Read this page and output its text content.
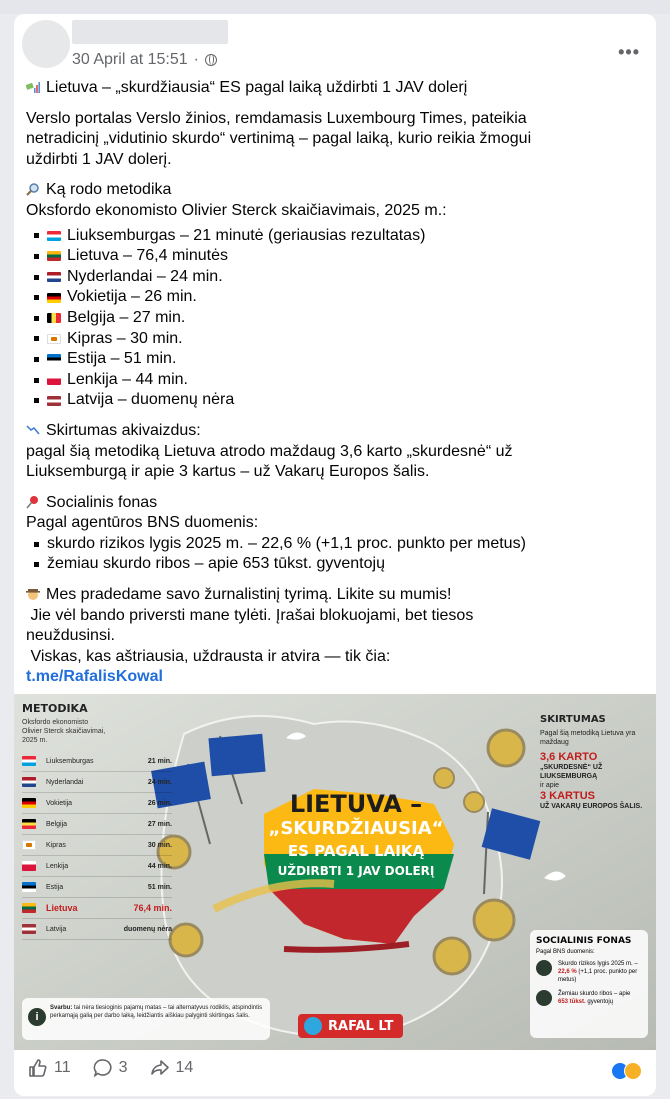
30 April at 15:51 ·	•••

Lietuva – „skurdžiausia“ ES pagal laiką uždirbti 1 JAV dolerį

Verslo portalas Verslo žinios, remdamasis Luxembourg Times, pateikia
netradicinį „vidutinio skurdo“ vertinimą – pagal laiką, kurio reikia žmogui
uždirbti 1 JAV dolerį.

Ką rodo metodika
Oksfordo ekonomisto Olivier Sterck skaičiavimais, 2025 m.:
Liuksemburgas – 21 minutė (geriausias rezultatas)
Lietuva – 76,4 minutės
Nyderlandai – 24 min.
Vokietija – 26 min.
Belgija – 27 min.
Kipras – 30 min.
Estija – 51 min.
Lenkija – 44 min.
Latvija – duomenų nėra
Skirtumas akivaizdus:
pagal šią metodiką Lietuva atrodo maždaug 3,6 karto „skurdesnė“ už
Liuksemburgą ir apie 3 kartus – už Vakarų Europos šalis.
Socialinis fonas
Pagal agentūros BNS duomenis:
skurdo rizikos lygis 2025 m. – 22,6 % (+1,1 proc. punkto per metus)
žemiau skurdo ribos – apie 653 tūkst. gyventojų
Mes pradedame savo žurnalistinį tyrimą. Likite su mumis!
Jie vėl bando priversti mane tylėti. Įrašai blokuojami, bet tiesos
neuždusinsi.
Viskas, kas aštriausia, uždrausta ir atvira — tik čia:
t.me/RafalisKowal
LIETUVA –
„SKURDŽIAUSIA“
ES PAGAL LAIKĄ
UŽDIRBTI 1 JAV DOLERĮ
METODIKA
Oksfordo ekonomisto
Olivier Sterck skaičiavimai,
2025 m.
Liuksemburgas	21 min.
Nyderlandai	24 min.
Vokietija	26 min.
Belgija	27 min.
Kipras	30 min.
Lenkija	44 min.
Estija	51 min.
Lietuva	76,4 min.
Latvija	duomenų nėra
i
Svarbu: tai nėra tiesioginis pajamų matas – tai alternatyvus rodiklis, atspindintis perkamąją galią per darbo laiką, leidžiantis aiškiau palyginti skirtingas šalis.
SKIRTUMAS
Pagal šią metodiką Lietuva yra maždaug
3,6 KARTO
„SKURDESNĖ“ UŽ LIUKSEMBURGĄ
ir apie
3 KARTUS
UŽ VAKARŲ EUROPOS ŠALIS.
SOCIALINIS FONAS
Pagal BNS duomenis:
Skurdo rizikos lygis 2025 m. – 22,6 % (+1,1 proc. punkto per metus)
Žemiau skurdo ribos – apie 653 tūkst. gyventojų
RAFAL LT
11	3	14
